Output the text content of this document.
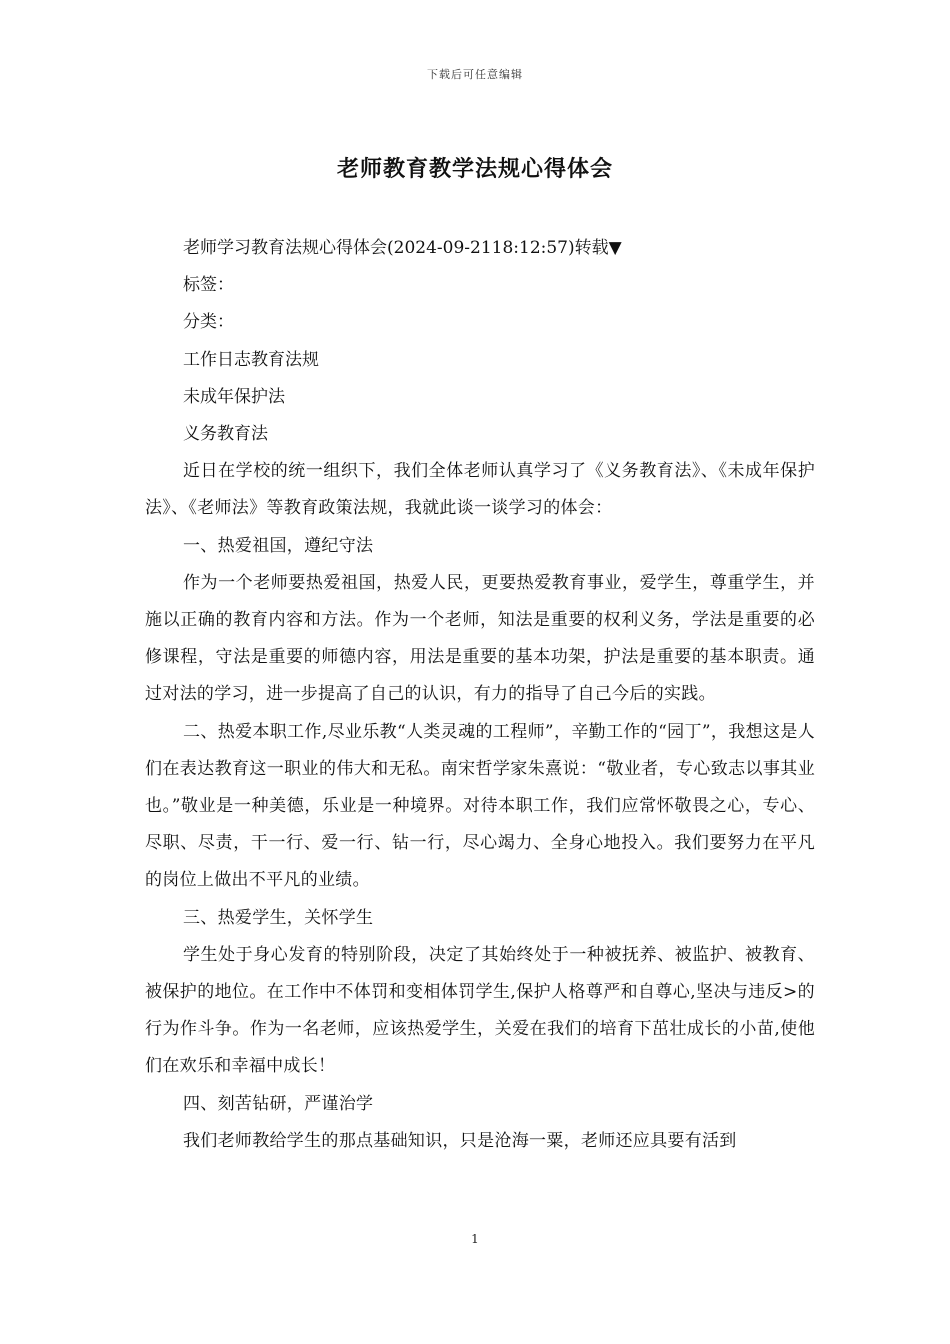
下载后可任意编辑
老师教育教学法规心得体会

老师学习教育法规心得体会(2024-09-2118:12:57)转载▼

标签：

分类：

工作日志教育法规

未成年保护法

义务教育法

近日在学校的统一组织下，我们全体老师认真学习了《义务教育法》、《未成年保护法》、《老师法》等教育政策法规，我就此谈一谈学习的体会：

一、热爱祖国，遵纪守法

作为一个老师要热爱祖国，热爱人民，更要热爱教育事业，爱学生，尊重学生，并施以正确的教育内容和方法。作为一个老师，知法是重要的权利义务，学法是重要的必修课程，守法是重要的师德内容，用法是重要的基本功架，护法是重要的基本职责。通过对法的学习，进一步提高了自己的认识，有力的指导了自己今后的实践。

二、热爱本职工作,尽业乐教“人类灵魂的工程师”，辛勤工作的“园丁”，我想这是人们在表达教育这一职业的伟大和无私。南宋哲学家朱熹说：“敬业者，专心致志以事其业也。”敬业是一种美德，乐业是一种境界。对待本职工作，我们应常怀敬畏之心，专心、尽职、尽责，干一行、爱一行、钻一行，尽心竭力、全身心地投入。我们要努力在平凡的岗位上做出不平凡的业绩。

三、热爱学生，关怀学生

学生处于身心发育的特别阶段，决定了其始终处于一种被抚养、被监护、被教育、被保护的地位。在工作中不体罚和变相体罚学生,保护人格尊严和自尊心,坚决与违反>的行为作斗争。作为一名老师，应该热爱学生，关爱在我们的培育下茁壮成长的小苗,使他们在欢乐和幸福中成长！

四、刻苦钻研，严谨治学

我们老师教给学生的那点基础知识，只是沧海一粟，老师还应具要有活到

1
